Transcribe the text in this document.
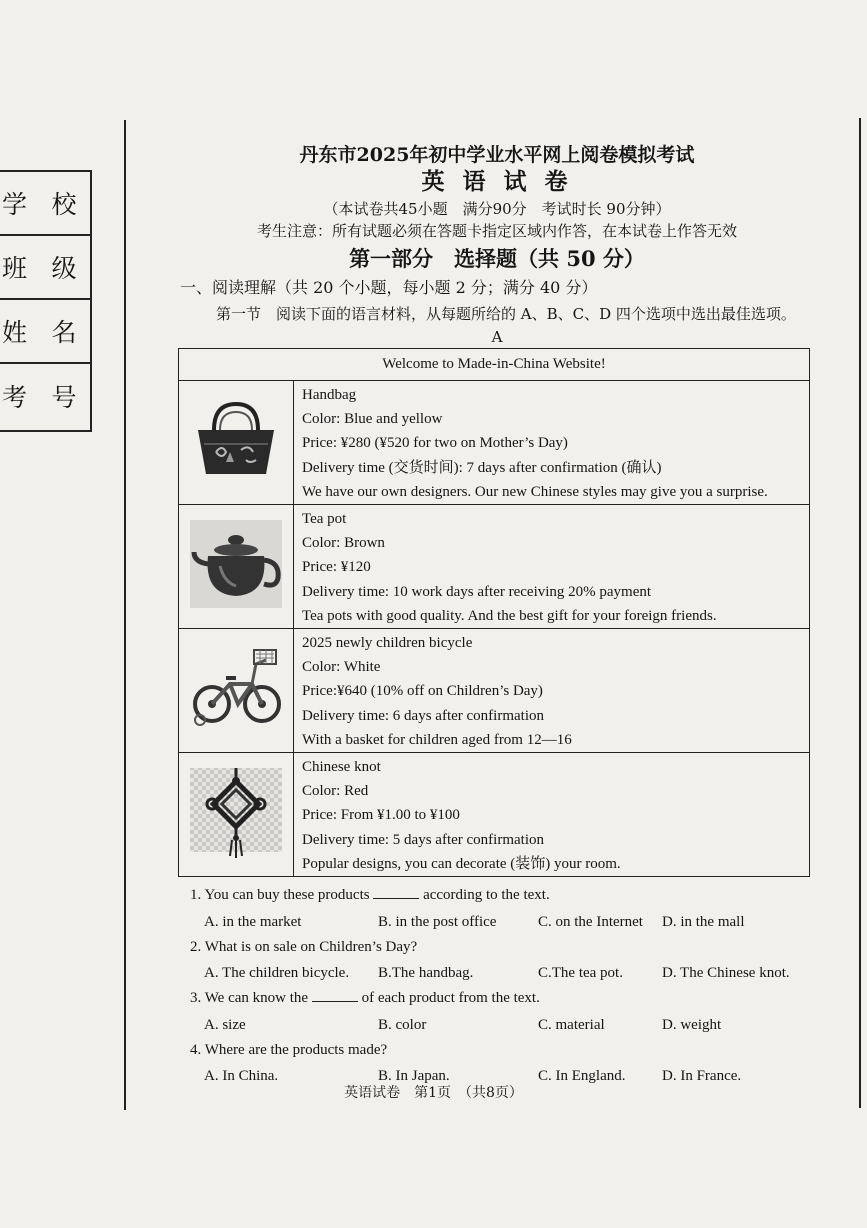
学 校
班 级
姓 名
考 号

丹东市2025年初中学业水平网上阅卷模拟考试

英 语 试 卷

（本试卷共45小题　满分90分　考试时长 90分钟）

考生注意：所有试题必须在答题卡指定区域内作答，在本试卷上作答无效

第一部分　选择题（共 50 分）

一、阅读理解（共 20 个小题，每小题 2 分；满分 40 分）

第一节　阅读下面的语言材料，从每题所给的 A、B、C、D 四个选项中选出最佳选项。

A

Welcome to Made-in-China Website!	

Handbag
Color: Blue and yellow
Price: ¥280 (¥520 for two on Mother’s Day)
Delivery time (交货时间): 7 days after confirmation (确认)
We have our own designers. Our new Chinese styles may give you a surprise.

Tea pot
Color: Brown
Price: ¥120
Delivery time: 10 work days after receiving 20% payment
Tea pots with good quality. And the best gift for your foreign friends.

2025 newly children bicycle
Color: White
Price:¥640 (10% off on Children’s Day)
Delivery time: 6 days after confirmation
With a basket for children aged from 12—16

Chinese knot
Color: Red
Price: From ¥1.00 to ¥100
Delivery time: 5 days after confirmation
Popular designs, you can decorate (装饰) your room.
1. You can buy these products	according to the text.
A. in the market	B. in the post office	C. on the Internet	D. in the mall
2. What is on sale on Children’s Day?
A. The children bicycle.	B.The handbag.	C.The tea pot.	D. The Chinese knot.
3. We can know the	of each product from the text.
A. size	B. color	C. material	D. weight
4. Where are the products made?
A. In China.	B. In Japan.	C. In England.	D. In France.
英语试卷　第1页　（共8页）
